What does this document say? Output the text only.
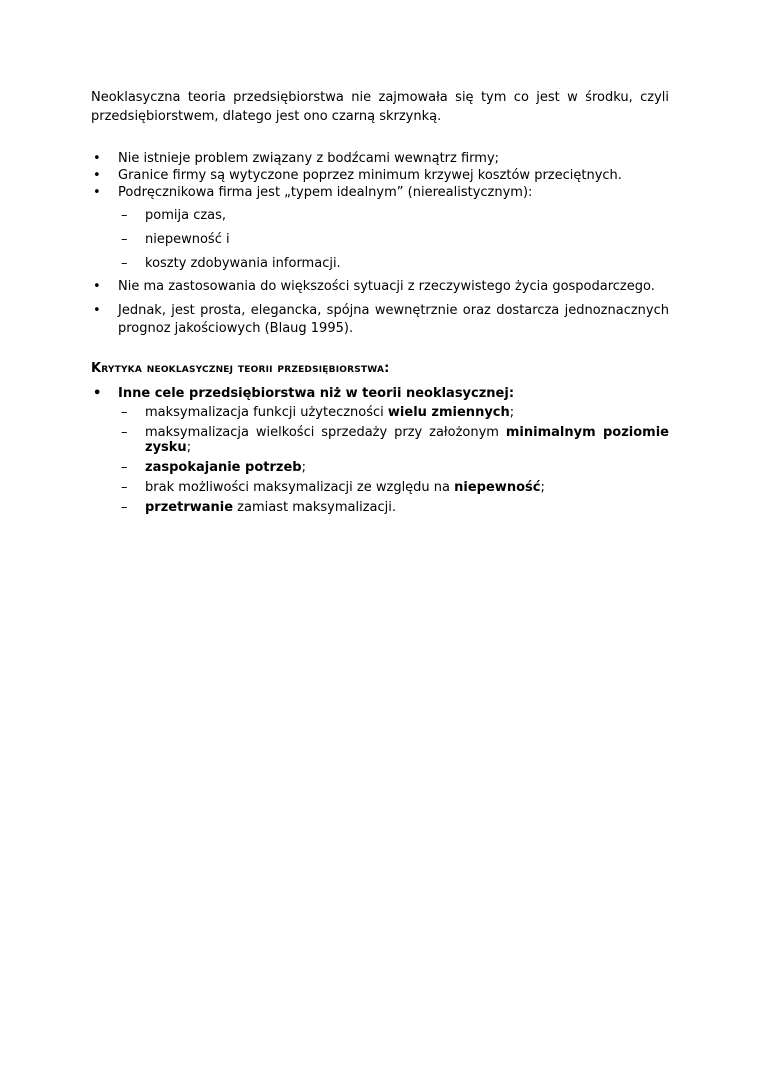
Neoklasyczna teoria przedsiębiorstwa nie zajmowała się tym co jest w środku, czyli przedsiębiorstwem, dlatego jest ono czarną skrzynką.

• Nie istnieje problem związany z bodźcami wewnątrz firmy;
• Granice firmy są wytyczone poprzez minimum krzywej kosztów przeciętnych.
• Podręcznikowa firma jest „typem idealnym” (nierealistycznym):
– pomija czas,
– niepewność i
– koszty zdobywania informacji.
• Nie ma zastosowania do większości sytuacji z rzeczywistego życia gospodarczego.
• Jednak, jest prosta, elegancka, spójna wewnętrznie oraz dostarcza jednoznacznych prognoz jakościowych (Blaug 1995).
Krytyka neoklasycznej teorii przedsiębiorstwa:
• Inne cele przedsiębiorstwa niż w teorii neoklasycznej:
– maksymalizacja funkcji użyteczności wielu zmiennych;
– maksymalizacja wielkości sprzedaży przy założonym minimalnym poziomie zysku;
– zaspokajanie potrzeb;
– brak możliwości maksymalizacji ze względu na niepewność;
– przetrwanie zamiast maksymalizacji.
